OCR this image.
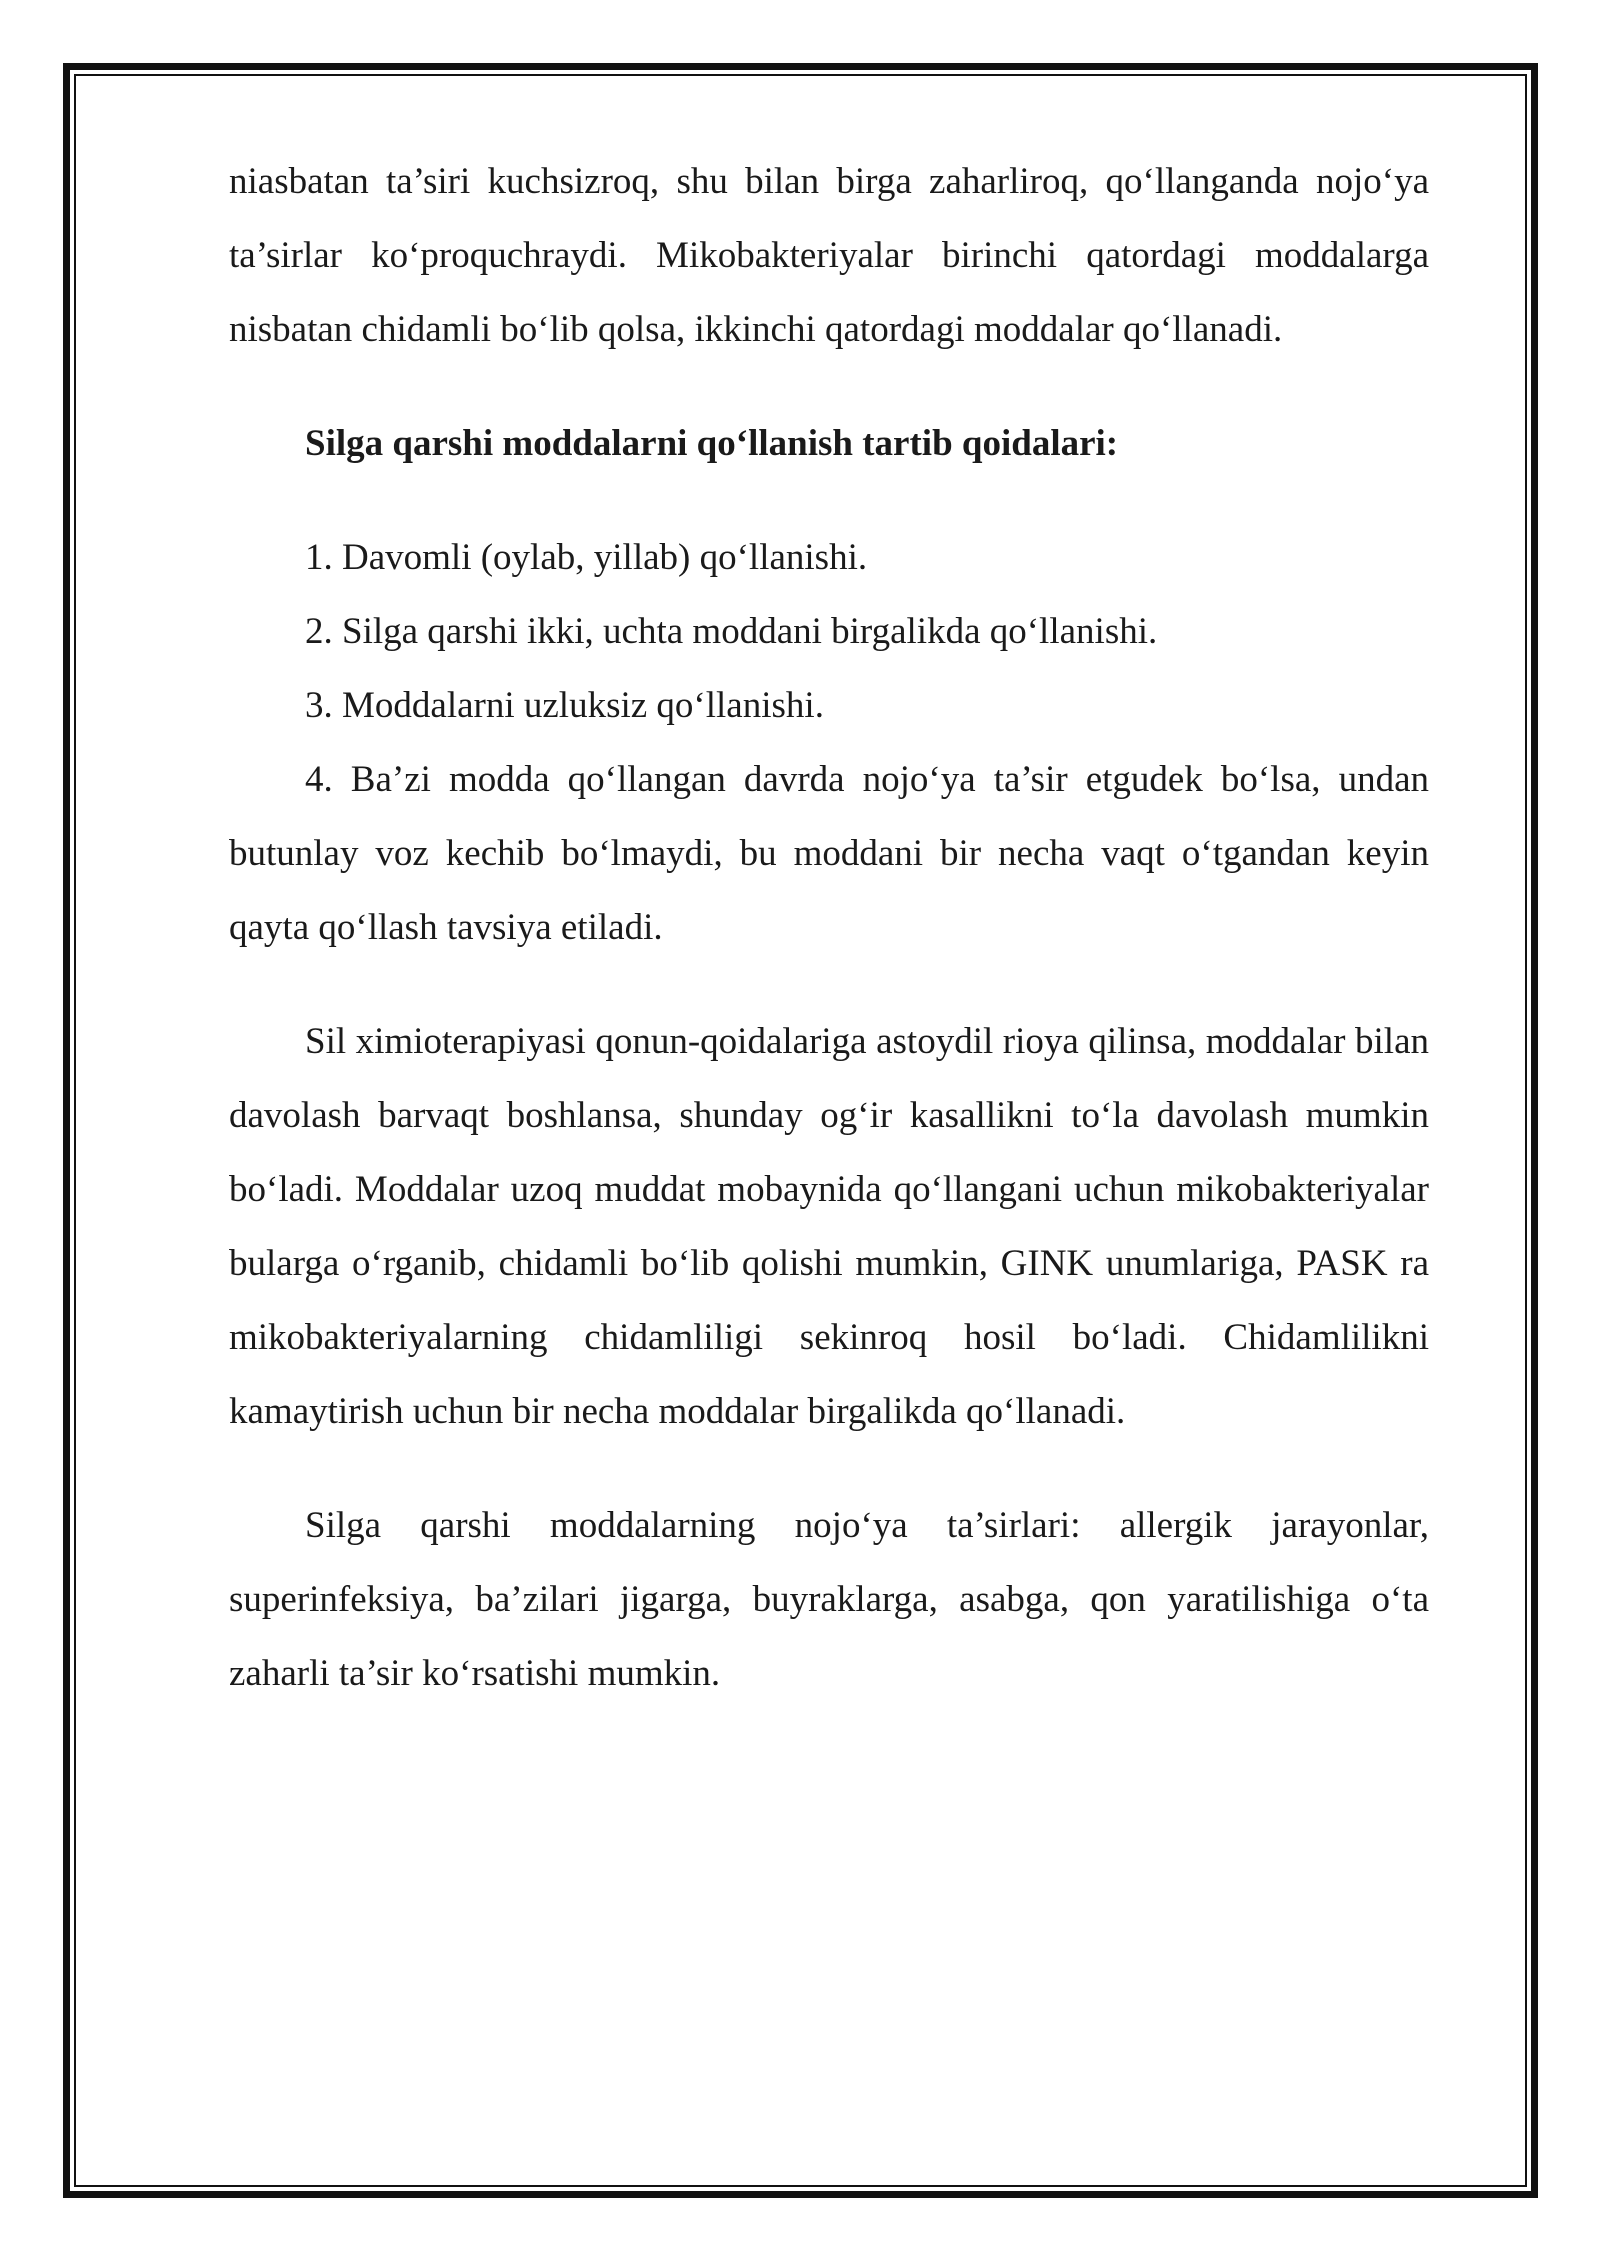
niasbatan ta’siri kuchsizroq, shu bilan birga zaharliroq, qo‘llanganda nojo‘ya ta’sirlar ko‘proquchraydi. Mikobakteriyalar birinchi qatordagi moddalarga nisbatan chidamli bo‘lib qolsa, ikkinchi qatordagi moddalar qo‘llanadi.

Silga qarshi moddalarni qo‘llanish tartib qoidalari:

1. Davomli (oylab, yillab) qo‘llanishi.

2. Silga qarshi ikki, uchta moddani birgalikda qo‘llanishi.

3. Moddalarni uzluksiz qo‘llanishi.

4. Ba’zi modda qo‘llangan davrda nojo‘ya ta’sir etgudek bo‘lsa, undan butunlay voz kechib bo‘lmaydi, bu moddani bir necha vaqt o‘tgandan keyin qayta qo‘llash tavsiya etiladi.

Sil ximioterapiyasi qonun-qoidalariga astoydil rioya qilinsa, moddalar bilan davolash barvaqt boshlansa, shunday og‘ir kasallikni to‘la davolash mumkin bo‘ladi. Moddalar uzoq muddat mobaynida qo‘llangani uchun mikobakteriyalar bularga o‘rganib, chidamli bo‘lib qolishi mumkin, GINK unumlariga, PASK ra mikobakteriyalarning chidamliligi sekinroq hosil bo‘ladi. Chidamlilikni kamaytirish uchun bir necha moddalar birgalikda qo‘llanadi.

Silga qarshi moddalarning nojo‘ya ta’sirlari: allergik jarayonlar, superinfeksiya, ba’zilari jigarga, buyraklarga, asabga, qon yaratilishiga o‘ta zaharli ta’sir ko‘rsatishi mumkin.
